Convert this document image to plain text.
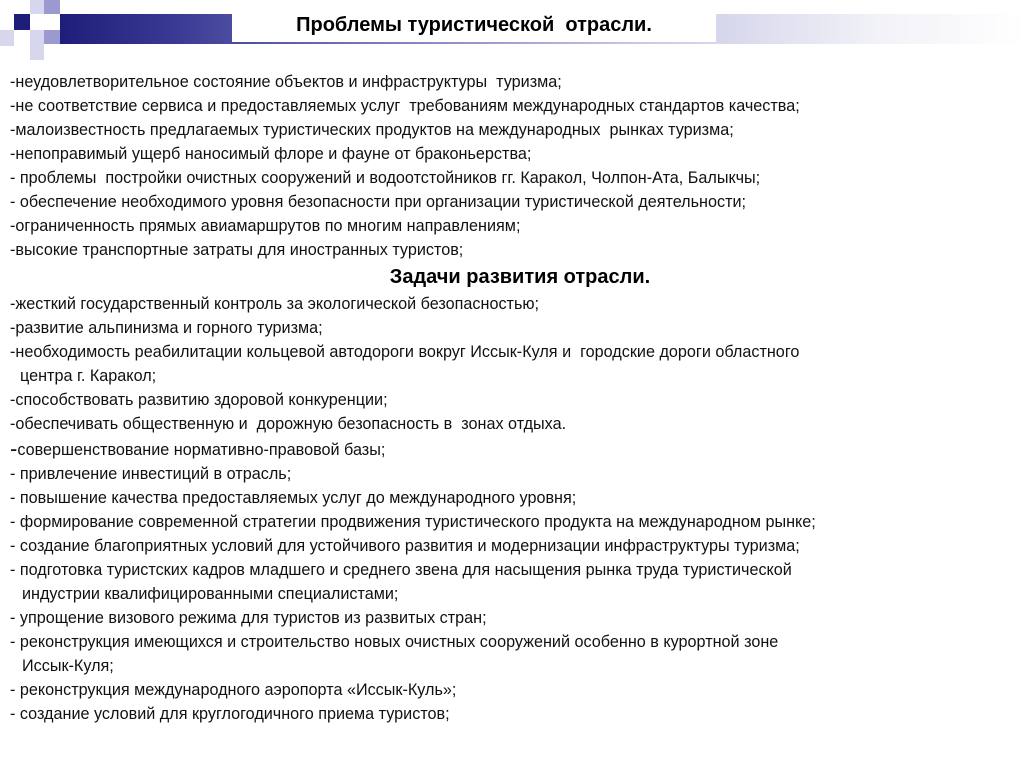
Проблемы туристической  отрасли.
-неудовлетворительное состояние объектов и инфраструктуры  туризма;
-не соответствие сервиса и предоставляемых услуг  требованиям международных стандартов качества;
-малоизвестность предлагаемых туристических продуктов на международных  рынках туризма;
-непоправимый ущерб наносимый флоре и фауне от браконьерства;
- проблемы  постройки очистных сооружений и водоотстойников гг. Каракол, Чолпон-Ата, Балыкчы;
- обеспечение необходимого уровня безопасности при организации туристической деятельности;
-ограниченность прямых авиамаршрутов по многим направлениям;
-высокие транспортные затраты для иностранных туристов;
Задачи развития отрасли.
-жесткий государственный контроль за экологической безопасностью;
-развитие альпинизма и горного туризма;
-необходимость реабилитации кольцевой автодороги вокруг Иссык-Куля и  городские дороги областного
центра г. Каракол;
-способствовать развитию здоровой конкуренции;
-обеспечивать общественную и  дорожную безопасность в  зонах отдыха.
-совершенствование нормативно-правовой базы;
- привлечение инвестиций в отрасль;
- повышение качества предоставляемых услуг до международного уровня;
- формирование современной стратегии продвижения туристического продукта на международном рынке;
- создание благоприятных условий для устойчивого развития и модернизации инфраструктуры туризма;
- подготовка туристских кадров младшего и среднего звена для насыщения рынка труда туристической
индустрии квалифицированными специалистами;
- упрощение визового режима для туристов из развитых стран;
- реконструкция имеющихся и строительство новых очистных сооружений особенно в курортной зоне
Иссык-Куля;
- реконструкция международного аэропорта «Иссык-Куль»;
- создание условий для круглогодичного приема туристов;
